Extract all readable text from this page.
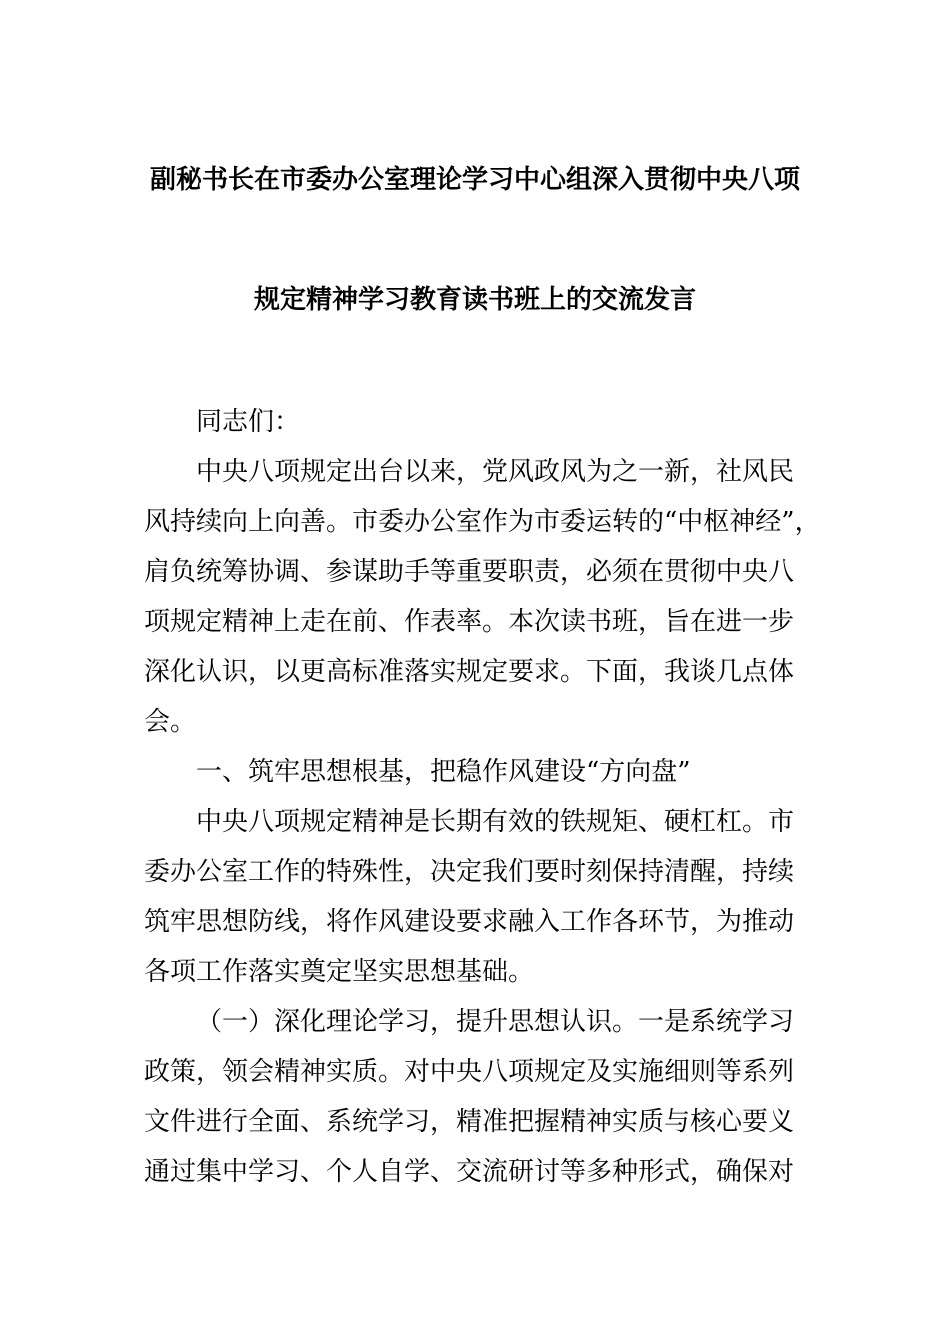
副秘书长在市委办公室理论学习中心组深入贯彻中央八项
规定精神学习教育读书班上的交流发言
同志们：
中央八项规定出台以来，党风政风为之一新，社风民
风持续向上向善。市委办公室作为市委运转的“中枢神经”，
肩负统筹协调、参谋助手等重要职责，必须在贯彻中央八
项规定精神上走在前、作表率。本次读书班，旨在进一步
深化认识，以更高标准落实规定要求。下面，我谈几点体
会。
一、筑牢思想根基，把稳作风建设“方向盘”
中央八项规定精神是长期有效的铁规矩、硬杠杠。市
委办公室工作的特殊性，决定我们要时刻保持清醒，持续
筑牢思想防线，将作风建设要求融入工作各环节，为推动
各项工作落实奠定坚实思想基础。
（一）深化理论学习，提升思想认识。一是系统学习
政策，领会精神实质。对中央八项规定及实施细则等系列
文件进行全面、系统学习，精准把握精神实质与核心要义
通过集中学习、个人自学、交流研讨等多种形式，确保对
